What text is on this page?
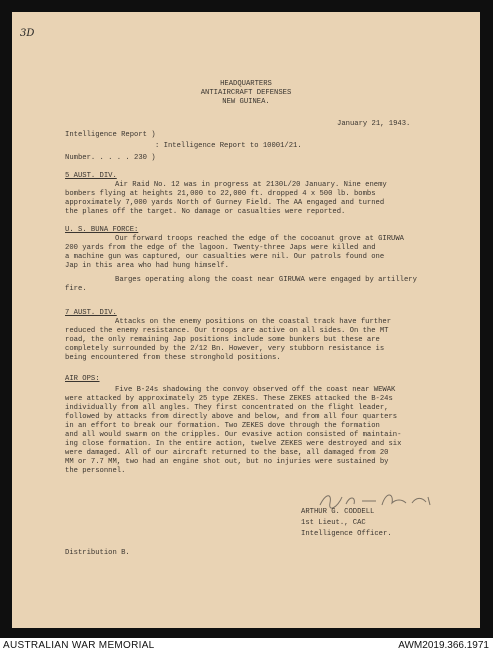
3D
HEADQUARTERS
ANTIAIRCRAFT DEFENSES
NEW GUINEA.
January 21, 1943.
Intelligence Report )
: Intelligence Report to 10001/21.
Number. . . . . 230 )
5 AUST. DIV.
Air Raid No. 12 was in progress at 2130L/20 January. Nine enemy
bombers flying at heights 21,000 to 22,000 ft. dropped 4 x 500 lb. bombs
approximately 7,000 yards North of Gurney Field. The AA engaged and turned
the planes off the target. No damage or casualties were reported.
U. S. BUNA FORCE:
Our forward troops reached the edge of the cocoanut grove at GIRUWA
200 yards from the edge of the lagoon. Twenty-three Japs were killed and
a machine gun was captured, our casualties were nil. Our patrols found one
Jap in this area who had hung himself.
Barges operating along the coast near GIRUWA were engaged by artillery
fire.
7 AUST. DIV.
Attacks on the enemy positions on the coastal track have further
reduced the enemy resistance. Our troops are active on all sides. On the MT
road, the only remaining Jap positions include some bunkers but these are
completely surrounded by the 2/12 Bn. However, very stubborn resistance is
being encountered from these stronghold positions.
AIR OPS:
Five B-24s shadowing the convoy observed off the coast near WEWAK
were attacked by approximately 25 type ZEKES. These ZEKES attacked the B-24s
individually from all angles. They first concentrated on the flight leader,
followed by attacks from directly above and below, and from all four quarters
in an effort to break our formation. Two ZEKES dove through the formation
and all would swarm on the cripples. Our evasive action consisted of maintain-
ing close formation. In the entire action, twelve ZEKES were destroyed and six
were damaged. All of our aircraft returned to the base, all damaged from 20
MM or 7.7 MM, two had an engine shot out, but no injuries were sustained by
the personnel.
ARTHUR G. CODDELL
1st Lieut., CAC
Intelligence Officer.
Distribution B.
AUSTRALIAN WAR MEMORIAL	AWM2019.366.1971
